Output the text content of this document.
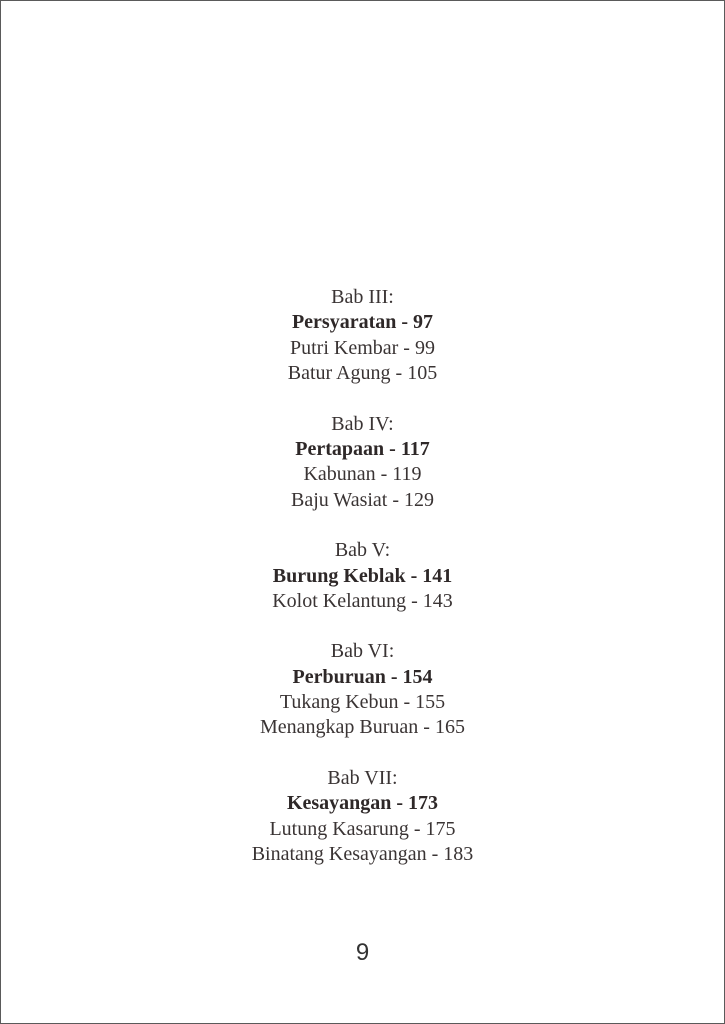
Bab III:
Persyaratan - 97
Putri Kembar - 99
Batur Agung - 105
Bab IV:
Pertapaan - 117
Kabunan - 119
Baju Wasiat - 129
Bab V:
Burung Keblak - 141
Kolot Kelantung - 143
Bab VI:
Perburuan - 154
Tukang Kebun - 155
Menangkap Buruan - 165
Bab VII:
Kesayangan - 173
Lutung Kasarung - 175
Binatang Kesayangan - 183
9
